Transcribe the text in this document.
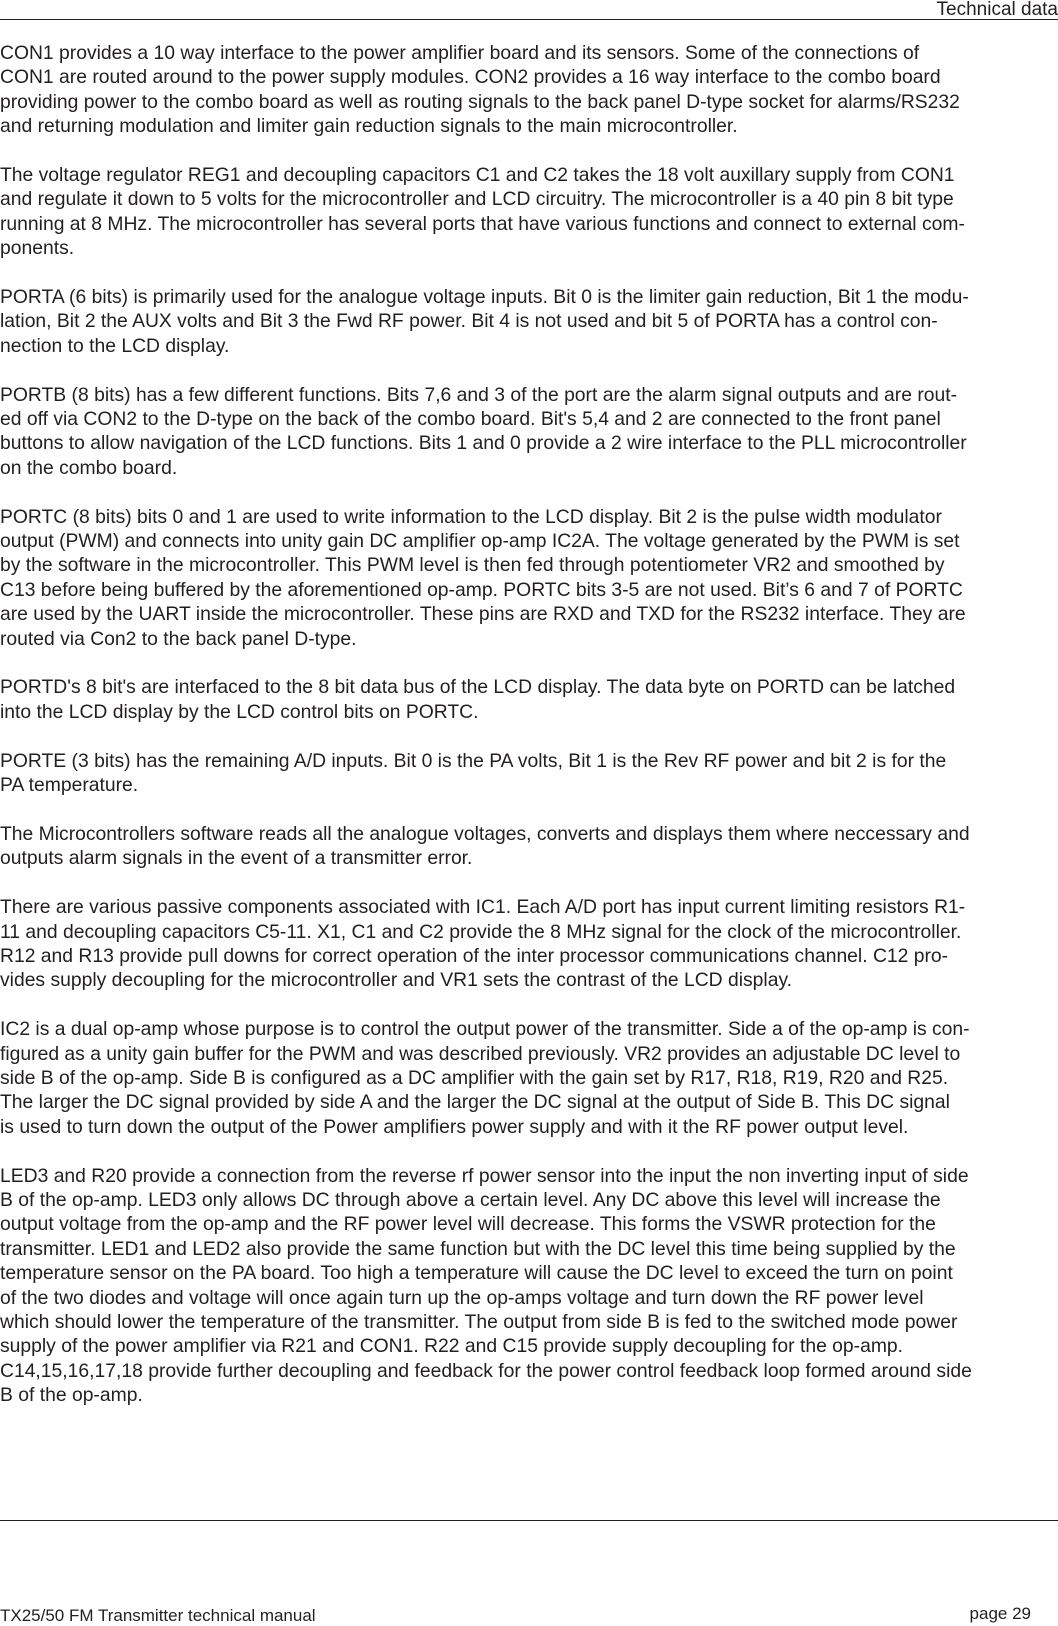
Technical data

CON1 provides a 10 way interface to the power amplifier board and its sensors. Some of the connections of
CON1 are routed around to the power supply modules. CON2 provides a 16 way interface to the combo board
providing power to the combo board as well as routing signals to the back panel D-type socket for alarms/RS232
and returning modulation and limiter gain reduction signals to the main microcontroller.

The voltage regulator REG1 and decoupling capacitors C1 and C2 takes the 18 volt auxillary supply from CON1
and regulate it down to 5 volts for the microcontroller and LCD circuitry. The microcontroller is a 40 pin 8 bit type
running at 8 MHz. The microcontroller has several ports that have various functions and connect to external com-
ponents.

PORTA (6 bits) is primarily used for the analogue voltage inputs. Bit 0 is the limiter gain reduction, Bit 1 the modu-
lation, Bit 2 the AUX volts and Bit 3 the Fwd RF power. Bit 4 is not used and bit 5 of PORTA has a control con-
nection to the LCD display.

PORTB (8 bits) has a few different functions. Bits 7,6 and 3 of the port are the alarm signal outputs and are rout-
ed off via CON2 to the D-type on the back of the combo board. Bit's 5,4 and 2 are connected to the front panel
buttons to allow navigation of the LCD functions. Bits 1 and 0 provide a 2 wire interface to the PLL microcontroller
on the combo board.

PORTC (8 bits) bits 0 and 1 are used to write information to the LCD display. Bit 2 is the pulse width modulator
output (PWM) and connects into unity gain DC amplifier op-amp IC2A. The voltage generated by the PWM is set
by the software in the microcontroller. This PWM level is then fed through potentiometer VR2 and smoothed by
C13 before being buffered by the aforementioned op-amp. PORTC bits 3-5 are not used. Bit’s 6 and 7 of PORTC
are used by the UART inside the microcontroller. These pins are RXD and TXD for the RS232 interface. They are
routed via Con2 to the back panel D-type.

PORTD's 8 bit's are interfaced to the 8 bit data bus of the LCD display. The data byte on PORTD can be latched
into the LCD display by the LCD control bits on PORTC.

PORTE (3 bits) has the remaining A/D inputs. Bit 0 is the PA volts, Bit 1 is the Rev RF power and bit 2 is for the
PA temperature.

The Microcontrollers software reads all the analogue voltages, converts and displays them where neccessary and
outputs alarm signals in the event of a transmitter error.

There are various passive components associated with IC1. Each A/D port has input current limiting resistors R1-
11 and decoupling capacitors C5-11. X1, C1 and C2 provide the 8 MHz signal for the clock of the microcontroller.
R12 and R13 provide pull downs for correct operation of the inter processor communications channel. C12 pro-
vides supply decoupling for the microcontroller and VR1 sets the contrast of the LCD display.

IC2 is a dual op-amp whose purpose is to control the output power of the transmitter. Side a of the op-amp is con-
figured as a unity gain buffer for the PWM and was described previously. VR2 provides an adjustable DC level to
side B of the op-amp. Side B is configured as a DC amplifier with the gain set by R17, R18, R19, R20 and R25.
The larger the DC signal provided by side A and the larger the DC signal at the output of Side B. This DC signal
is used to turn down the output of the Power amplifiers power supply and with it the RF power output level.

LED3 and R20 provide a connection from the reverse rf power sensor into the input the non inverting input of side
B of the op-amp. LED3 only allows DC through above a certain level. Any DC above this level will increase the
output voltage from the op-amp and the RF power level will decrease. This forms the VSWR protection for the
transmitter. LED1 and LED2 also provide the same function but with the DC level this time being supplied by the
temperature sensor on the PA board. Too high a temperature will cause the DC level to exceed the turn on point
of the two diodes and voltage will once again turn up the op-amps voltage and turn down the RF power level
which should lower the temperature of the transmitter. The output from side B is fed to the switched mode power
supply of the power amplifier via R21 and CON1. R22 and C15 provide supply decoupling for the op-amp.
C14,15,16,17,18 provide further decoupling and feedback for the power control feedback loop formed around side
B of the op-amp.

TX25/50 FM Transmitter technical manual	page 29
